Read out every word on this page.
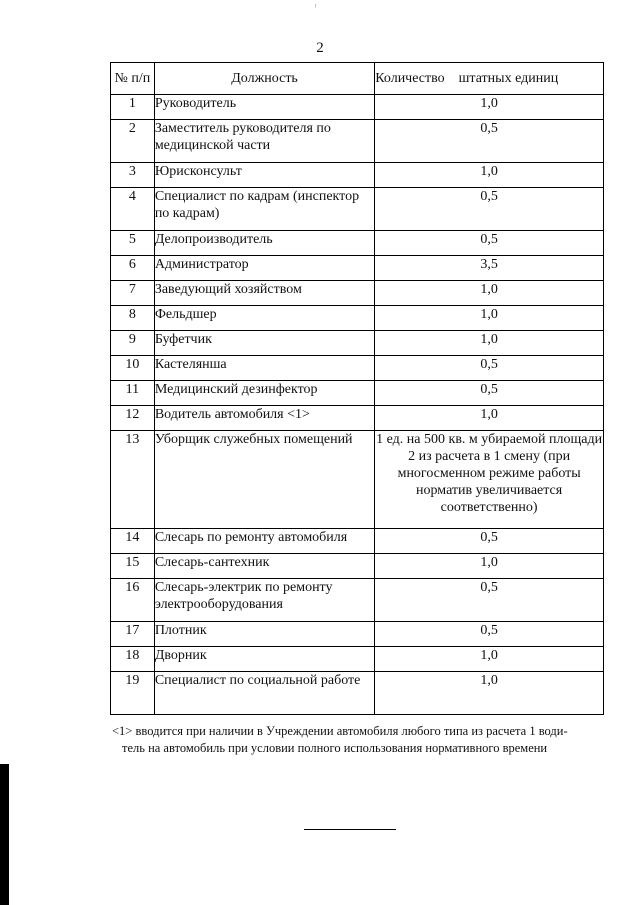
ˡ
2
№ п/п	Должность	Количество    штатных единиц
1	Руководитель	1,0
2	Заместитель руководителя по медицинской части	0,5
3	Юрисконсульт	1,0
4	Специалист по кадрам (инспектор по кадрам)	0,5
5	Делопроизводитель	0,5
6	Администратор	3,5
7	Заведующий хозяйством	1,0
8	Фельдшер	1,0
9	Буфетчик	1,0
10	Кастелянша	0,5
11	Медицинский дезинфектор	0,5
12	Водитель автомобиля <1>	1,0
13	Уборщик служебных помещений	1 ед. на 500 кв. м убираемой площади 2 из расчета в 1 смену (при многосменном режиме работы норматив увеличивается соответственно)
14	Слесарь по ремонту автомобиля	0,5
15	Слесарь-сантехник	1,0
16	Слесарь-электрик по ремонту электрооборудования	0,5
17	Плотник	0,5
18	Дворник	1,0
19	Специалист по социальной работе	1,0
<1> вводится при наличии в Учреждении автомобиля любого типа из расчета 1 води-
тель на автомобиль при условии полного использования нормативного времени
